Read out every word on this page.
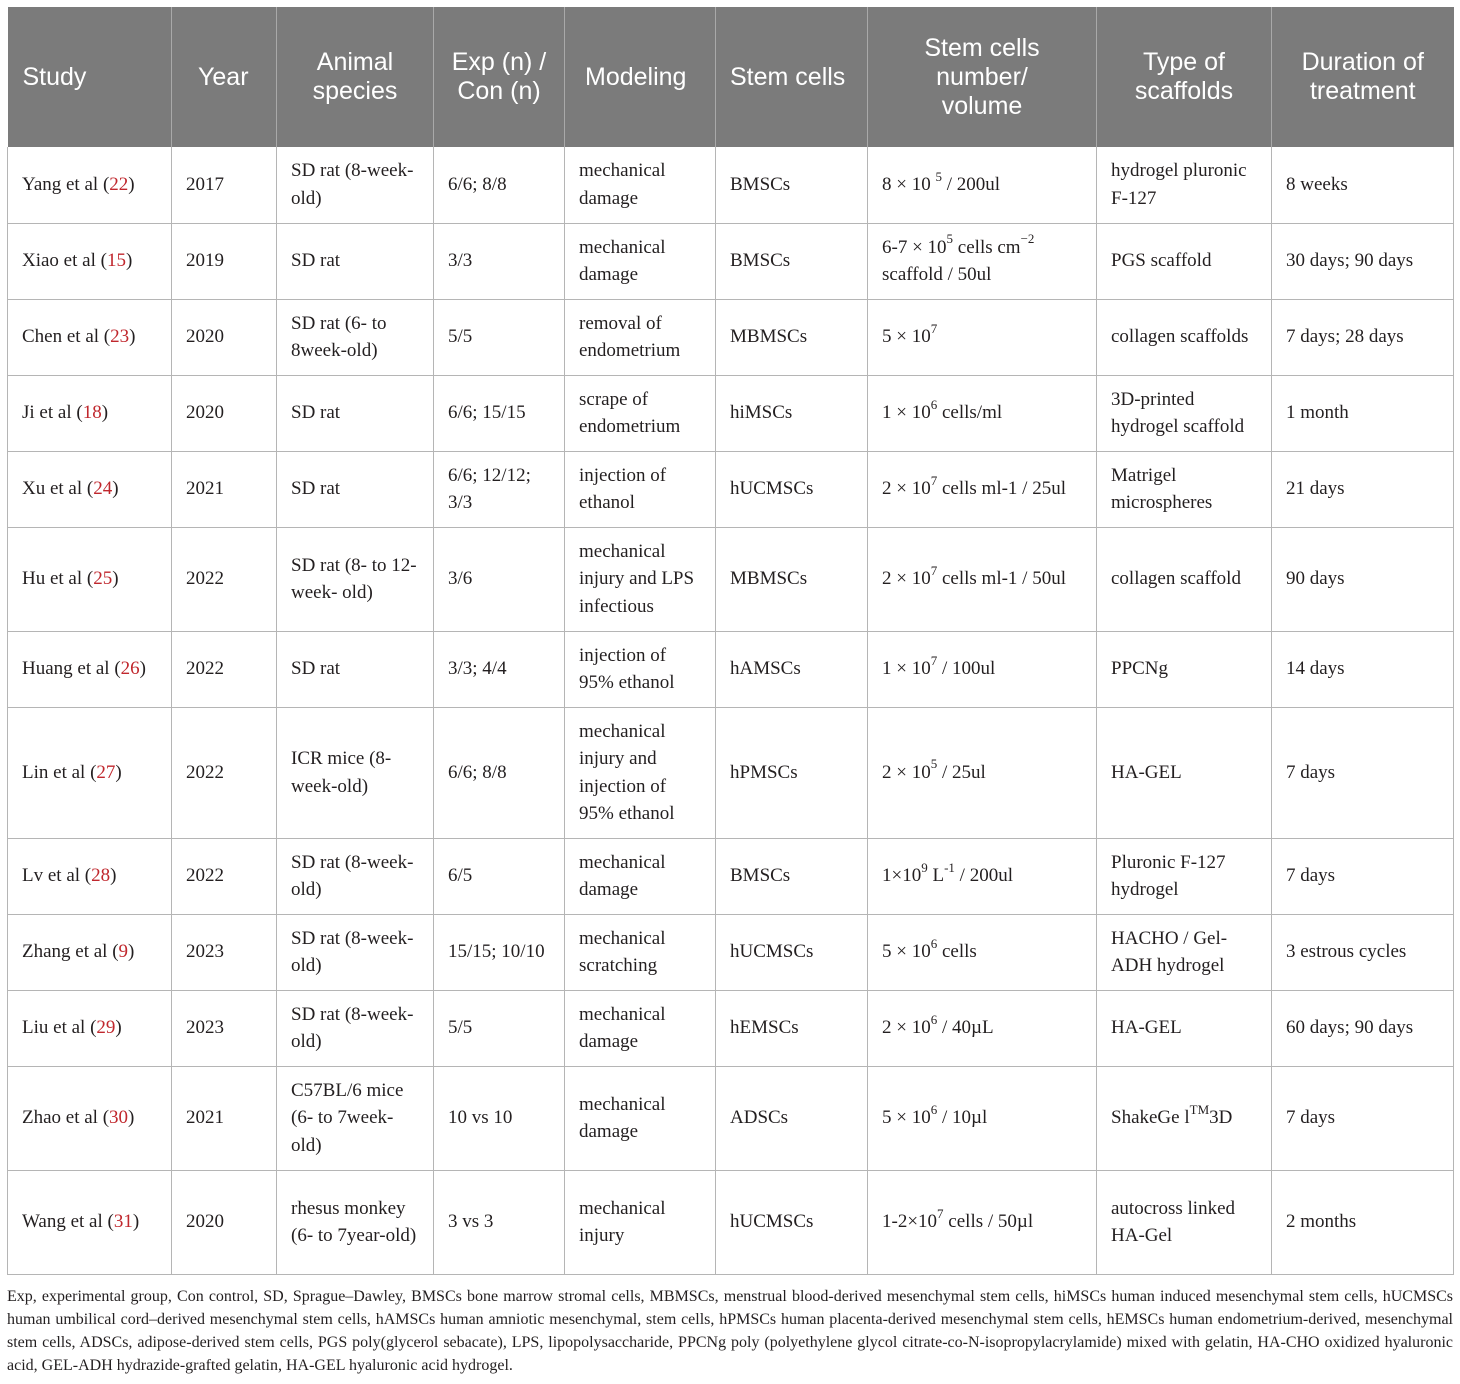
Study	Year	Animal species	Exp (n) / Con (n)	Modeling	Stem cells	Stem cells number/ volume	Type of scaffolds	Duration of treatment
Yang et al (22)	2017	SD rat (8-week-old)	6/6; 8/8	mechanical damage	BMSCs	8 × 10 $^5$ / 200ul	hydrogel pluronic F-127	8 weeks
Xiao et al (15)	2019	SD rat	3/3	mechanical damage	BMSCs	$6-7 \times 10^5$ cells $cm^{-2}$ scaffold / 50ul	PGS scaffold	30 days; 90 days
Chen et al (23)	2020	SD rat (6- to 8week-old)	5/5	removal of endometrium	MBMSCs	$5 \times 10^7$	collagen scaffolds	7 days; 28 days
Ji et al (18)	2020	SD rat	6/6; 15/15	scrape of endometrium	hiMSCs	$1 \times 10^6$ cells/ml	3D-printed hydrogel scaffold	1 month
Xu et al (24)	2021	SD rat	6/6; 12/12; 3/3	injection of ethanol	hUCMSCs	$2 \times 10^7$ cells ml-1 / 25ul	Matrigel microspheres	21 days
Hu et al (25)	2022	SD rat (8- to 12- week- old)	3/6	mechanical injury and LPS infectious	MBMSCs	$2 \times 10^7$ cells ml-1 / 50ul	collagen scaffold	90 days
Huang et al (26)	2022	SD rat	3/3; 4/4	injection of 95% ethanol	hAMSCs	$1 \times 10^7 / 100ul$	PPCNg	14 days
Lin et al (27)	2022	ICR mice (8-week-old)	6/6; 8/8	mechanical injury and injection of 95% ethanol	hPMSCs	$2 \times 10^5 / 25ul$	HA-GEL	7 days
Lv et al (28)	2022	SD rat (8-week-old)	6/5	mechanical damage	BMSCs	$1\times 10^9$ $L^{-1} / 200ul$	Pluronic F-127 hydrogel	7 days
Zhang et al (9)	2023	SD rat (8-week-old)	15/15; 10/10	mechanical scratching	hUCMSCs	$5 \times 10^6$ cells	HACHO / Gel-ADH hydrogel	3 estrous cycles
Liu et al (29)	2023	SD rat (8-week-old)	5/5	mechanical damage	hEMSCs	$2 \times 10^6 / 40\mu L$	HA-GEL	60 days; 90 days
Zhao et al (30)	2021	C57BL/6 mice (6- to 7week-old)	10 vs 10	mechanical damage	ADSCs	$5 \times 10^6 / 10\mu l$	ShakeGe l™3D	7 days
Wang et al (31)	2020	rhesus monkey (6- to 7year-old)	3 vs 3	mechanical injury	hUCMSCs	$1-2\times 10^7$ cells / 50µl	autocross linked HA-Gel	2 months
Exp, experimental group, Con control, SD, Sprague–Dawley, BMSCs bone marrow stromal cells, MBMSCs, menstrual blood-derived mesenchymal stem cells, hiMSCs human induced mesenchymal stem cells, hUCMSCs human umbilical cord–derived mesenchymal stem cells, hAMSCs human amniotic mesenchymal, stem cells, hPMSCs human placenta-derived mesenchymal stem cells, hEMSCs human endometrium-derived, mesenchymal stem cells, ADSCs, adipose-derived stem cells, PGS poly(glycerol sebacate), LPS, lipopolysaccharide, PPCNg poly (polyethylene glycol citrate-co-N-isopropylacrylamide) mixed with gelatin, HA-CHO oxidized hyaluronic acid, GEL-ADH hydrazide-grafted gelatin, HA-GEL hyaluronic acid hydrogel.
